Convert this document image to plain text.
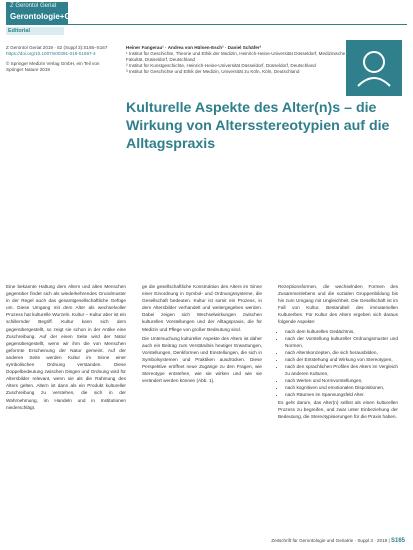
Z Gerontol Geriat
Gerontologie+Geriatrie
Editorial
Z Gerontol Geriat 2019 · 52 (Suppl 3):S165–S167
https://doi.org/10.1007/s00391-019-01597-4
© Springer Medizin Verlag GmbH, ein Teil von Springer Nature 2019
Heiner Fangerau¹ · Andrea von Hülsen-Esch² · Daniel Schäfer³
¹ Institut für Geschichte, Theorie und Ethik der Medizin, Heinrich-Heine-Universität Düsseldorf, Medizinische Fakultät, Düsseldorf, Deutschland
² Institut für Kunstgeschichte, Heinrich-Heine-Universität Düsseldorf, Düsseldorf, Deutschland
³ Institut für Geschichte und Ethik der Medizin, Universität zu Köln, Köln, Deutschland
Kulturelle Aspekte des Alter(n)s – die Wirkung von Altersstereotypien auf die Alltagspraxis

Eine bekannte Haltung dem Altern und alten Menschen gegenüber findet sich als wiederkehrendes Grundmuster in der Regel auch das gesamtgesellschaftliche Gefüge um. Diese Umgang mit dem Alter als wechselvoller Prozess hat kulturelle Wurzeln. Kultur – Kultur aber ist ein schillernder Begriff. Kultur kann sich dem gegenübergestellt, so zeigt sie schon in der Antike eine Zuschreibung. Auf der einen Seite wird der Natur gegenübergestellt, wenn wir ihm die von Menschen geformte Erscheinung der Natur gemeint. Auf der anderen Seite werden Kultur im Sinne einer symbolischen Ordnung verstanden. Diese Doppelbedeutung zwischen Dingen und Ordnung wird für Altersbilder relevant, wenn sie als die Rahmung des Alters gelten. Altern ist dann als ein Produkt kultureller Zuschreibung zu verstehen, die sich in der Wahrnehmung, im Handeln und in Institutionen niederschlägt.

ge die gesellschaftliche Konstruktion des Alters im Sinne einer Einordnung in Symbol- und Ordnungssysteme, die Gesellschaft bedeuten. Kultur ist somit ein Prozess, in dem Altersbilder verhandelt und weitergegeben werden. Dabei zeigen sich Wechselwirkungen zwischen kulturellen Vorstellungen und der Alltagspraxis, die für Medizin und Pflege von großer Bedeutung sind.

Die Untersuchung kultureller Aspekte des Alters ist daher auch ein Beitrag zum Verständnis heutiger Erwartungen, Vorstellungen, Denkformen und Einstellungen, die sich in Symbolsystemen und Praktiken ausdrücken. Diese Perspektive eröffnet neue Zugänge zu den Fragen, wie Stereotype entstehen, wie sie wirken und wie sie verändert werden können (Abb. 1).

Rezeptionsformen, die wechselnden Formen des Zusammenlebens und die sozialen Gruppenbildung bis hin zum Umgang mit Ungleichheit. Die Gesellschaft ist im Fall von Kultur, Bestandteil des immateriellen Kulturerbes. Für Kultur des Alters ergeben sich daraus folgende Aspekte:

• nach dem kulturellen Gedächtnis,
• nach der Vorstellung kultureller Ordnungsmuster und Normen,
• nach Alterskonzepten, die sich herausbilden,
• nach der Entstehung und Wirkung von Stereotypen,
• nach den sprachlichen Profilen des Alters im Vergleich zu anderen Kulturen,
• nach Werten und Normvorstellungen,
• nach kognitiven und emotionalen Dispositionen,
• nach Räumen im Spannungsfeld Alter.

Es geht darum, das Alter(n) selbst als einen kulturellen Prozess zu begreifen, und zwar unter Einbeziehung der Bedeutung, die Stereotypisierungen für die Praxis haben.

Zeitschrift für Gerontologie und Geriatrie · Suppl 3 · 2019 | S165
